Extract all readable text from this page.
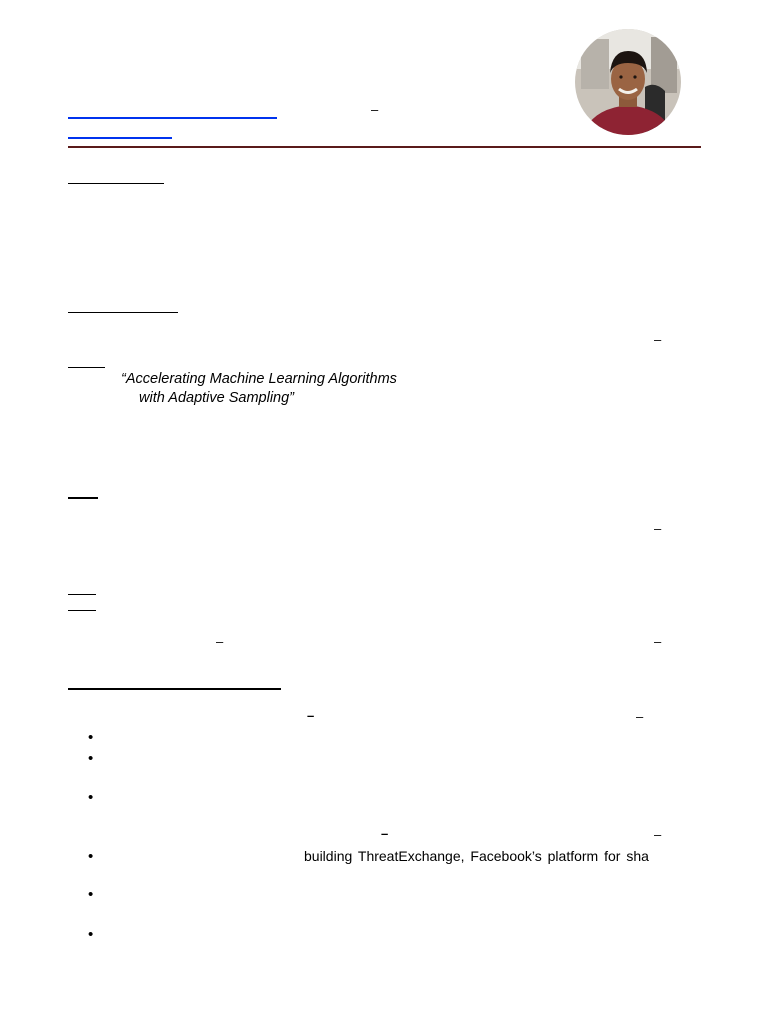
–
–
“Accelerating Machine Learning Algorithms
with Adaptive Sampling”
–
–	–
–	–
•
•
•
–	–
•	building ThreatExchange, Facebook’s platform for sha
•
•
